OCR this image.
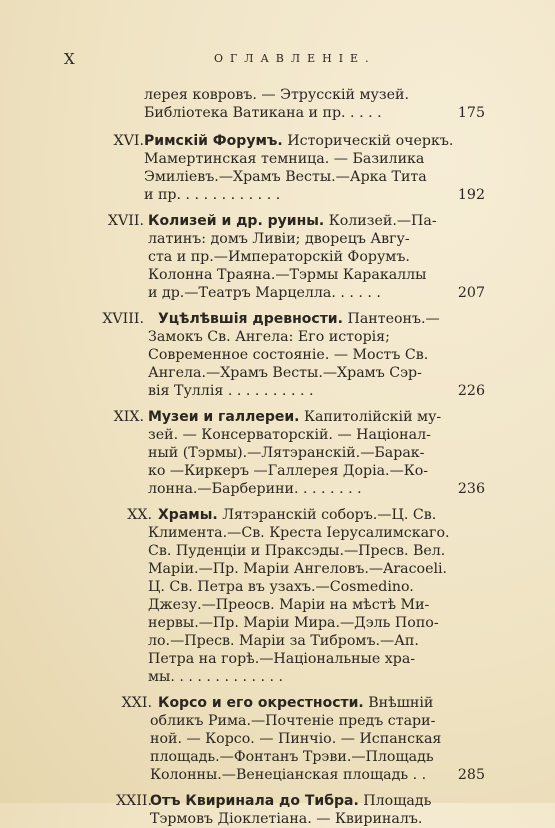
X	ОГЛАВЛЕНІЕ.
лерея ковровъ. — Этрусскій музей.
Библіотека Ватикана и пр. . . . .	175
XVI. Римскій Форумъ. Историческій очеркъ.
Мамертинская темница. — Базилика
Эмиліевъ.—Храмъ Весты.—Арка Тита
и пр. . . . . . . . . . . .	192
XVII. Колизей и др. руины. Колизей.—Па-
латинъ: домъ Ливіи; дворецъ Авгу-
ста и пр.—Императорскій Форумъ.
Колонна Траяна.—Тэрмы Каракаллы
и др.—Театръ Марцелла. . . . . .	207
XVIII. Уцѣлѣвшія древности. Пантеонъ.—
Замокъ Св. Ангела: Его исторія;
Современное состояніе. — Мостъ Св.
Ангела.—Храмъ Весты.—Храмъ Сэр-
вія Туллія . . . . . . . . . .	226
XIX. Музеи и галлереи. Капитолійскій му-
зей. — Консерваторскій. — Націонал-
ный (Тэрмы).—Лятэранскій.—Барак-
ко —Киркеръ —Галлерея Доріа.—Ко-
лонна.—Барберини. . . . . . . .	236
XX. Храмы. Лятэранскій соборъ.—Ц. Св.
Климента.—Св. Креста Іерусалимскаго.
Св. Пуденціи и Праксэды.—Пресв. Вел.
Маріи.—Пр. Маріи Ангеловъ.—Aracoeli.
Ц. Св. Петра въ узахъ.—Cosmedino.
Джезу.—Преосв. Маріи на мѣстѣ Ми-
нервы.—Пр. Маріи Мира.—Дэль Попо-
ло.—Пресв. Маріи за Тибромъ.—Ап.
Петра на горѣ.—Національные хра-
мы. . . . . . . . . . . . .
XXI. Корсо и его окрестности. Внѣшній
обликъ Рима.—Почтеніе предъ стари-
ной. — Корсо. — Пинчіо. — Испанская
площадь.—Фонтанъ Трэви.—Площадь
Колонны.—Венеціанская площадь . . 285
XXII.
Отъ Квиринала до Тибра. Площадь
Тэрмовъ Діоклетіана. — Квириналъ.
